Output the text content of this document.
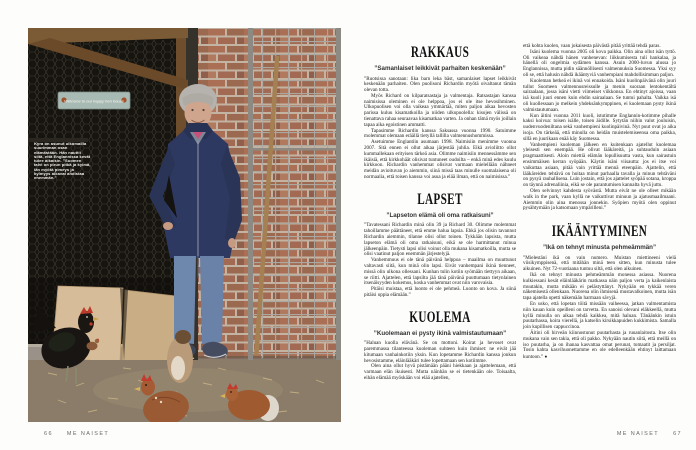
Welcome to our happy hen house
Kyra on asunut ulkomailla suurimman osan elämästään. Hän nauttii siitä, että Englannissa kevät tulee aikaisin. ”Suomen talvi on pirun pitkä ja kylmä, iän myötä pimeys ja kylmyys alkavat ahdistaa enemmän.”
RAKKAUS

”Samanlaiset leikkivät parhaiten keskenään”

”Ruotsissa sanotaan: lika barn leka bäst, samanlaiset lapset leikkivät keskenään parhaiten. Olen puolisoni Richardin myötä oivaltanut tämän olevan totta.

Myös Richard on kilparatsastaja ja valmentaja. Ratsastajan kanssa naimisissa oleminen ei ole helppoa, jos ei ole itse hevosihminen. Ulkopuolisen voi olla vaikeaa ymmärtää, miten paljon aikaa hevosten parissa kuluu kisamatkoilla ja niiden ulkopuolella: kisojen välissä on tienattava rahaa seuraavaa kisamatkaa varten. Ja onhan tämä myös joillain tapaa aika egoistinen ammatti.

Tapasimme Richardin kanssa Saksassa vuonna 1990. Satuimme molemmat olemaan eräällä tietyllä tallilla valmennushommissa.

Asetuimme Englantiin asumaan 1998. Naimisiin menimme vuonna 2007. Sitä ennen ei ollut aikaa järjestää juhlia. Eikä avioliitto ollut kummallekaan erityisen tärkeä asia. Olimme naimisiin mennessämme sen ikäisiä, että kirkkohäät olisivat tuntuneet oudoilta – enkä minä edes kuulu kirkkoon. Richardin vanhemmat olisivat varmaan mielellään nähneet meidän avioituvan jo aiemmin, siinä missä taas minulle suomalaisena oli normaalia, että toisen kanssa voi asua ja elää ilman, että on naimisissa.”

LAPSET

”Lapseton elämä oli oma ratkaisuni”

”Tavatessani Richardin minä olin 39 ja Richard 30. Olimme molemmat tahoillamme päättäneet, että emme halua lapsia. Ehkä jos olisin tavannut Richardin aiemmin, tilanne olisi ollut toinen. Tykkään lapsista, mutta lapseton elämä oli oma ratkaisuni, eikä se ole harmittanut minua jälkeenpäin. Tietysti lapsi olisi voinut olla mukana kisamatkoilla, mutta se olisi vaatinut paljon enemmän järjestelyjä.

Vanhemmuus ei ole tänä päivänä helppoa – maailma on muuttunut valtavasti siitä, kun minä olin lapsi. Eivät vanhempani ikinä tienneet, missä olin ulkona ollessani. Kunhan tulin kotiin syömään tiettyyn aikaan, se riitti. Ajattelen, että lapsilta jää tänä päivänä puuttumaan tietynlainen itsenäisyyden kokemus, koska vanhemmat ovat niin varovaisia.

Pitäisi muistaa, että luonto ei ole pehmeä. Luonto on kova. Ja siinä pitäisi oppia elämään.”

KUOLEMA

”Kuolemaan ei pysty ikinä valmistautumaan”

”Haluan kuolla elävänä. Se on mottoni. Koirat ja hevoset ovat paremmassa tilanteessa kuoleman suhteen kuin ihmiset: ne eivät jää kitumaan vanhainkotiin yksin. Kun lopetamme Richardin kanssa jonkun hevosistamme, eläinlääkäri tulee lopettamaan sen kotiimme.

Olen aina ollut hyvä pistämään pääni hiekkaan ja ajattelemaan, että varmaan elän ikuisesti. Mutta näinhän se ei tietenkään ole. Toisaalta, eihän elämää myöskään voi elää ajatellen,

että kohta kuolen, vaan jokaisesta päivästä pitää yrittää tehdä paras.

Isäni kuolema vuonna 2005 oli kova paikka. Olin aina ollut isän tyttö. Oli vaikeaa nähdä hänen vanhenevan: liikkumisesta tuli hankalaa, ja hänellä oli ongelmia sydämen kanssa. Asuin 2000-luvun alussa jo Englannissa, mutta pidin säännöllisesti valmennuksia Suomessa. Yksi syy oli se, että halusin nähdä ikääntyviä vanhempiani mahdollisimman paljon.

Kuoleman hetkeä ei ikinä voi ennakoida. Isäni kuolinpäivänä olin juuri tullut Suomeen valmennusreissulle ja menin suoraan lentokentältä sairaalaan, jossa isäni vietti viimeiset viikkonsa. En ehtinyt ajoissa, vaan isä kuoli juuri ennen kuin ehdin sairaalaan. Se tuntui pahalta. Vaikka isä oli kuollessaan jo melkein yhdeksänkymppinen, ei kuolemaan pysty ikinä valmistautumaan.

Kun äitini vuonna 2011 kuoli, istutimme Englannin-kotimme pihalle kaksi koivua: toisen isälle, toisen äidille. Sytytän niihin valot jouluisin, uudenvuodeniltana sekä vanhempieni kuolinpäivinä. Nyt puut ovat jo aika isoja. On tärkeää, että minulla on heidän muistelemiseensa oma paikka, sillä en juurikaan enää käy Suomessa.

Vanhempieni kuoleman jälkeen en kuitenkaan ajatellut kuolemaa yleisesti sen enempää. He olivat lääkäreitä, ja suhtauduin asiaan pragmaattisesti. Aloin miettiä elämän lopullisuutta vasta, kun sairastuin ensimmäisen kerran syöpään. Käytin isäni viisautta: jos ei itse voi vaikuttaa asiaan, pitää vain yrittää mennä eteenpäin. Ajattelin, että lääkäreiden tehtävä on hoitaa minut parhaalla tavalla ja minun tehtäväni on pysyä rauhallisena. Luin jostain, että jos ajattelet syöpää sotana, kroppa on täynnä adrenaliinia, eikä se ole parantumisen kannalta hyvä juttu.

Olen selvinnyt kahdesta syövästä. Mutta eivät ne ole olleet mikään walk in the park, vaan kyllä ne vaikuttivat minuun ja ajatusmaailmaani. Aiemmin olin aina menossa jonnekin. Syöpien myötä olen oppinut pysähtymään ja katsomaan ympärilleni.”

IKÄÄNTYMINEN

”Ikä on tehnyt minusta pehmeämmän”

”Mielestäni ikä on vain numero. Muistan miettineeni vielä viisikymppisenä, että mitähän minä teen sitten, kun minusta tulee aikuinen. Nyt 72-vuotiaana tuntuu siltä, että olen aikuinen.

Ikä on tehnyt minusta pehmeämmän monessa asiassa. Nuorena kulkiessani kesät eläinlääkärin matkassa näin paljon verta ja kaikenlaista muutakin, mutta mikään ei pelästyttänyt. Nykyään en tykkää veren näkemisestä ollenkaan. Nuorena olin ihmisenä mustavalkoinen, mutta isän tapa ajatella opetti näkemään harmaan sävyjä.

En usko, että lopetan töitä missään vaiheessa, jatkan valmentamista niin kauan kuin opeilleni on tarvetta. En sanoisi olevani eläkkeellä, mutta kyllä minulla on aikaa tehdä kaikkea, mitä haluan. Tänäänkin istuin puutarhassa, koira vierellä, ja katselin kirsikkapuiden kukkimista. Samalla join kupillisen cappuccinoa.

Äitini oli hirveän kiinnostunut puutarhasta ja ruuanlaitosta. Itse olin mukana vain sen takia, että oli pakko. Nykyään nautin siitä, että meillä on iso puutarha, ja on ihanaa kasvattaa omat perunat, tomaatit ja persiljat. Tosin kahta kasvihuonettamme en ole edelleenkään ehtinyt laittamaan kuntoon.” ●

66	ME NAISET	ME NAISET	67
